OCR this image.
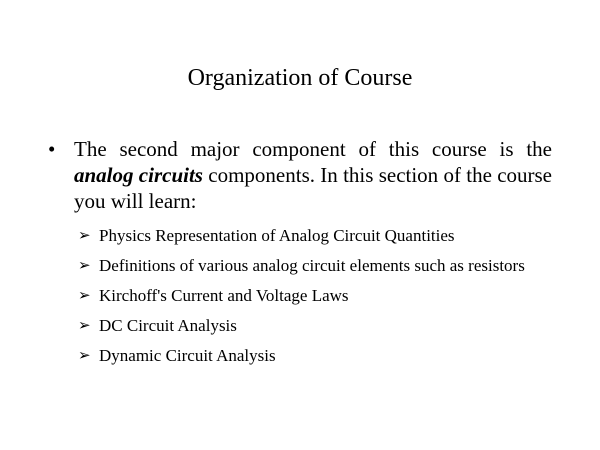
Organization of Course
• The second major component of this course is the analog circuits components. In this section of the course you will learn:
➢ Physics Representation of Analog Circuit Quantities
➢ Definitions of various analog circuit elements such as resistors
➢ Kirchoff's Current and Voltage Laws
➢ DC Circuit Analysis
➢ Dynamic Circuit Analysis
